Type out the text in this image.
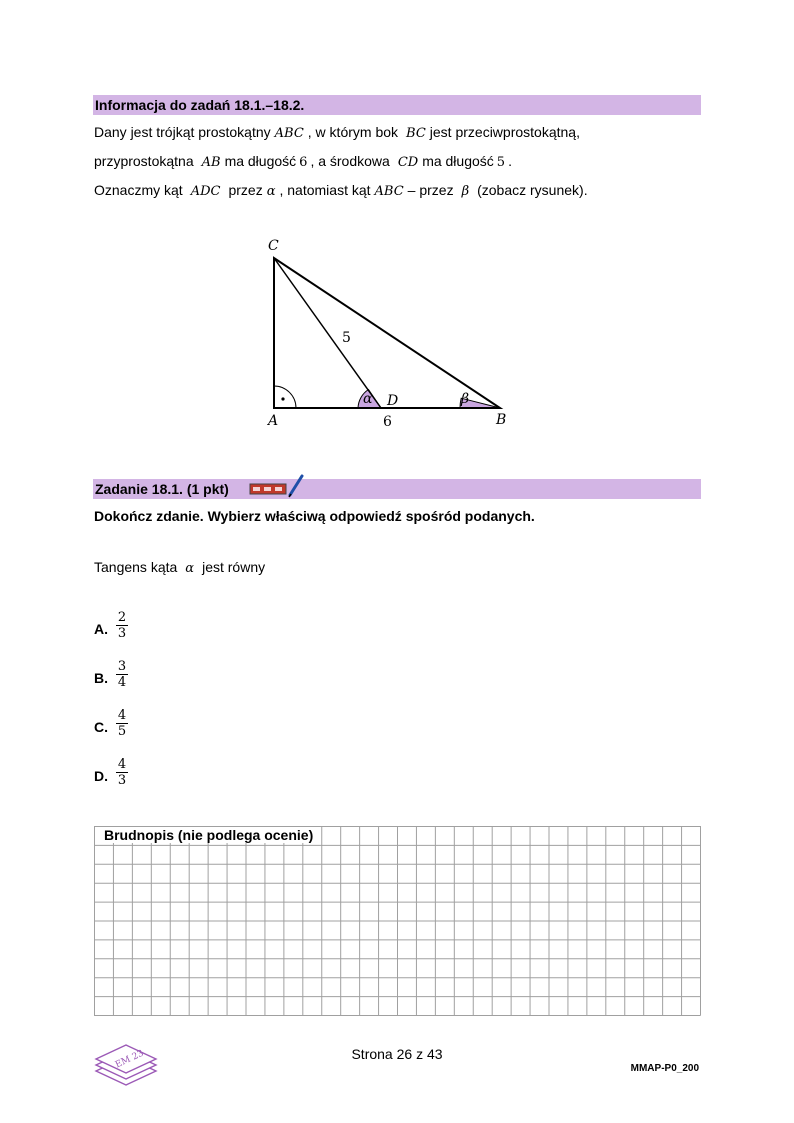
Informacja do zadań 18.1.–18.2.
Dany jest trójkąt prostokątny ABC , w którym bok BC jest przeciwprostokątną,
przyprostokątna AB ma długość 6 , a środkowa CD ma długość 5 .
Oznaczmy kąt ADC przez α , natomiast kąt ABC – przez β (zobacz rysunek).
C
A	B
D
5
6
α	β
Zadanie 18.1. (1 pkt)
Dokończ zdanie. Wybierz właściwą odpowiedź spośród podanych.
Tangens kąta α jest równy
A. $\frac{2}{3}$
B. $\frac{3}{4}$
C. $\frac{4}{5}$
D. $\frac{4}{3}$
Brudnopis (nie podlega ocenie)
EM 23	Strona 26 z 43
MMAP-P0_200
